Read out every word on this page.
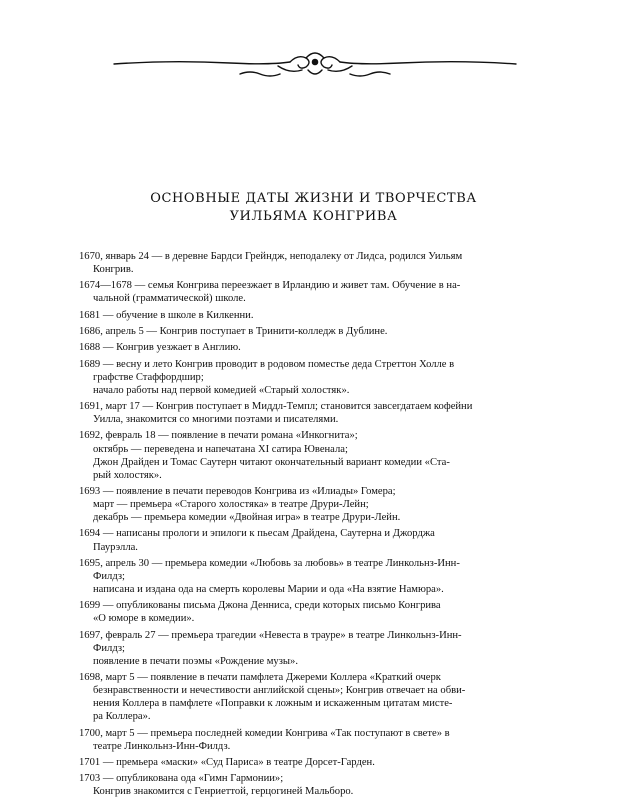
ОСНОВНЫЕ ДАТЫ ЖИЗНИ И ТВОРЧЕСТВА
УИЛЬЯМА КОНГРИВА
1670, январь 24 — в деревне Бардси Грейндж, неподалеку от Лидса, родился Уильям
Конгрив.
1674—1678 — семья Конгрива переезжает в Ирландию и живет там. Обучение в на-
чальной (грамматической) школе.
1681 — обучение в школе в Килкенни.
1686, апрель 5 — Конгрив поступает в Тринити-колледж в Дублине.
1688 — Конгрив уезжает в Англию.
1689 — весну и лето Конгрив проводит в родовом поместье деда Стреттон Холле в
графстве Стаффордшир;
начало работы над первой комедией «Старый холостяк».
1691, март 17 — Конгрив поступает в Миддл-Темпл; становится завсегдатаем кофейни
Уилла, знакомится со многими поэтами и писателями.
1692, февраль 18 — появление в печати романа «Инкогнита»;
октябрь — переведена и напечатана XI сатира Ювенала;
Джон Драйден и Томас Саутерн читают окончательный вариант комедии «Ста-
рый холостяк».
1693 — появление в печати переводов Конгрива из «Илиады» Гомера;
март — премьера «Старого холостяка» в театре Друри-Лейн;
декабрь — премьера комедии «Двойная игра» в театре Друри-Лейн.
1694 — написаны прологи и эпилоги к пьесам Драйдена, Саутерна и Джорджа
Паурэлла.
1695, апрель 30 — премьера комедии «Любовь за любовь» в театре Линкольнз-Инн-
Филдз;
написана и издана ода на смерть королевы Марии и ода «На взятие Намюра».
1699 — опубликованы письма Джона Денниса, среди которых письмо Конгрива
«О юморе в комедии».
1697, февраль 27 — премьера трагедии «Невеста в трауре» в театре Линкольнз-Инн-
Филдз;
появление в печати поэмы «Рождение музы».
1698, март 5 — появление в печати памфлета Джереми Коллера «Краткий очерк
безнравственности и нечестивости английской сцены»; Конгрив отвечает на обви-
нения Коллера в памфлете «Поправки к ложным и искаженным цитатам мисте-
ра Коллера».
1700, март 5 — премьера последней комедии Конгрива «Так поступают в свете» в
театре Линкольнз-Инн-Филдз.
1701 — премьера «маски» «Суд Париса» в театре Дорсет-Гарден.
1703 — опубликована ода «Гимн Гармонии»;
Конгрив знакомится с Генриеттой, герцогиней Мальборо.
